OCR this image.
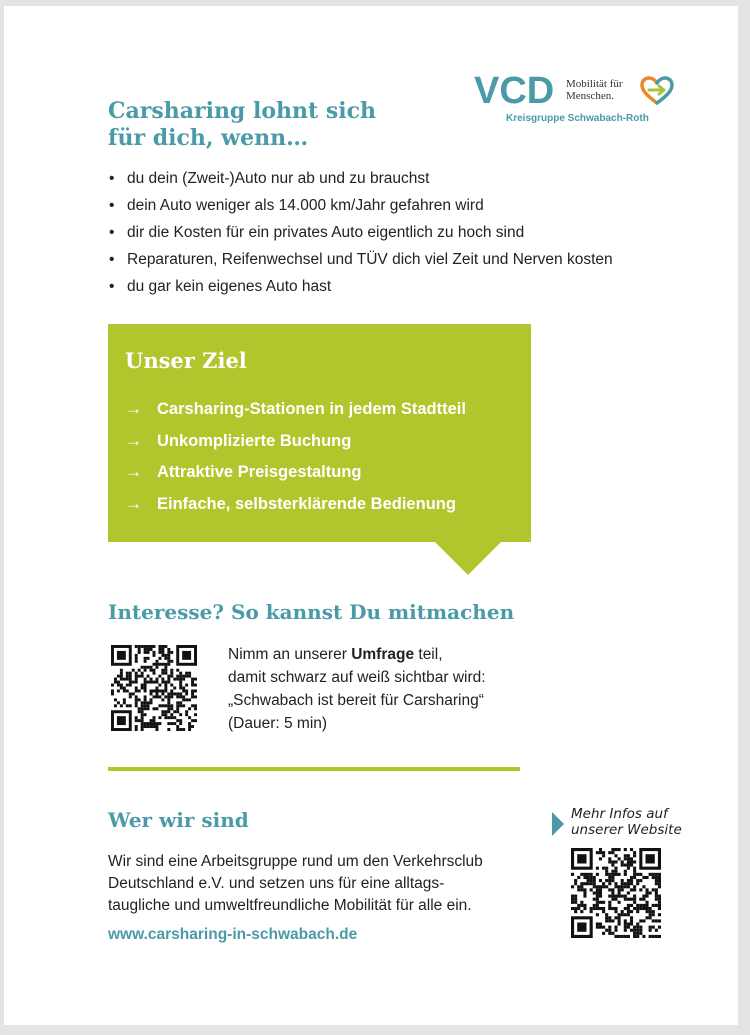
VCD Mobilität für
Menschen.
Kreisgruppe Schwabach-Roth
Carsharing lohnt sich
für dich, wenn…
• du dein (Zweit-)Auto nur ab und zu brauchst
• dein Auto weniger als 14.000 km/Jahr gefahren wird
• dir die Kosten für ein privates Auto eigentlich zu hoch sind
• Reparaturen, Reifenwechsel und TÜV dich viel Zeit und Nerven kosten
• du gar kein eigenes Auto hast
Unser Ziel
→ Carsharing-Stationen in jedem Stadtteil
→ Unkomplizierte Buchung
→ Attraktive Preisgestaltung
→ Einfache, selbsterklärende Bedienung
Interesse? So kannst Du mitmachen
Nimm an unserer Umfrage teil,
damit schwarz auf weiß sichtbar wird:
„Schwabach ist bereit für Carsharing“
(Dauer: 5 min)
Wer wir sind
Wir sind eine Arbeitsgruppe rund um den Verkehrsclub
Deutschland e.V. und setzen uns für eine alltags-
taugliche und umweltfreundliche Mobilität für alle ein.
www.carsharing-in-schwabach.de
Mehr Infos auf
unserer Website
